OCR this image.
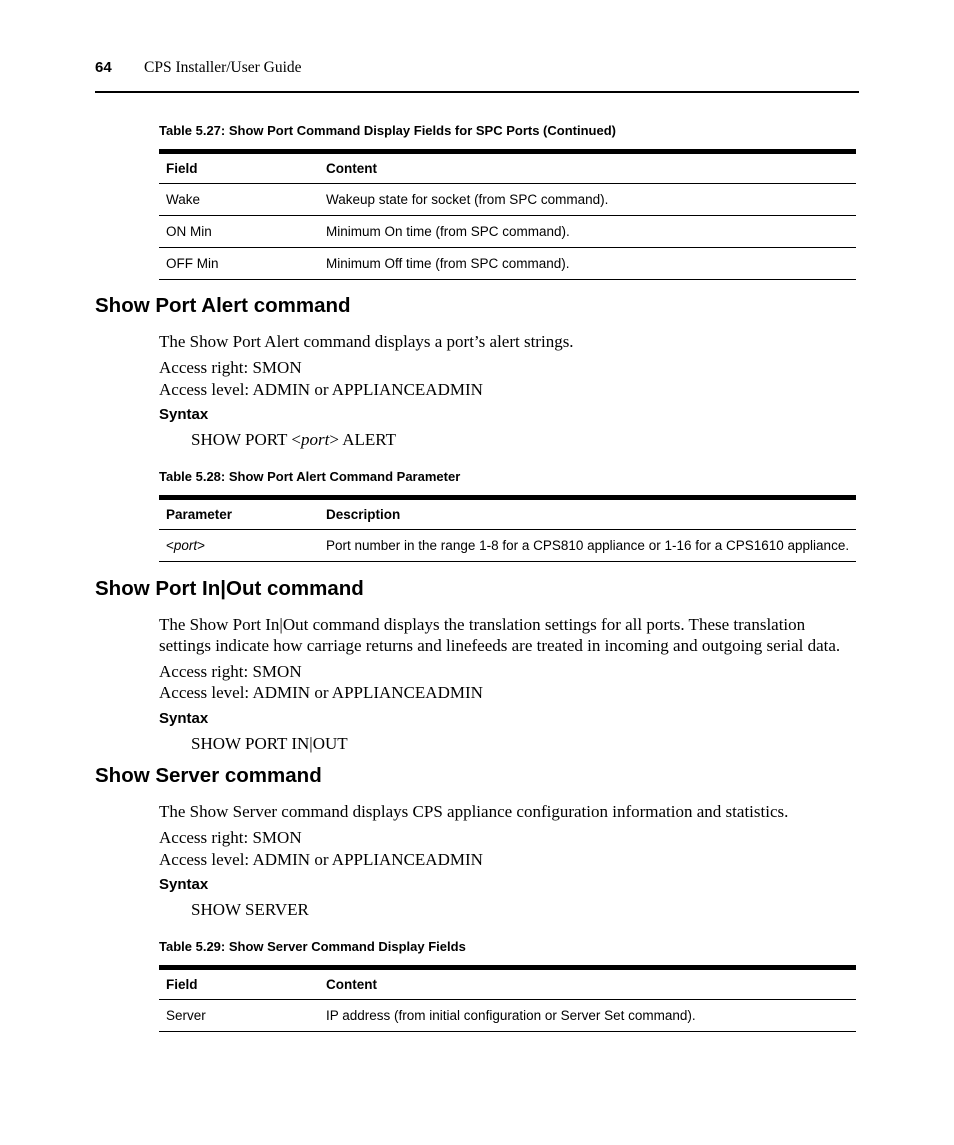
64 CPS Installer/User Guide
Table 5.27: Show Port Command Display Fields for SPC Ports (Continued)
Field	Content
Wake	Wakeup state for socket (from SPC command).
ON Min	Minimum On time (from SPC command).
OFF Min	Minimum Off time (from SPC command).
Show Port Alert command
The Show Port Alert command displays a port’s alert strings.
Access right: SMON
Access level: ADMIN or APPLIANCEADMIN
Syntax
SHOW PORT <port> ALERT
Table 5.28: Show Port Alert Command Parameter
Parameter	Description
<port>	Port number in the range 1-8 for a CPS810 appliance or 1-16 for a CPS1610 appliance.
Show Port In|Out command
The Show Port In|Out command displays the translation settings for all ports. These translation
settings indicate how carriage returns and linefeeds are treated in incoming and outgoing serial data.
Access right: SMON
Access level: ADMIN or APPLIANCEADMIN
Syntax
SHOW PORT IN|OUT
Show Server command
The Show Server command displays CPS appliance configuration information and statistics.
Access right: SMON
Access level: ADMIN or APPLIANCEADMIN
Syntax
SHOW SERVER
Table 5.29: Show Server Command Display Fields
Field	Content
Server	IP address (from initial configuration or Server Set command).
